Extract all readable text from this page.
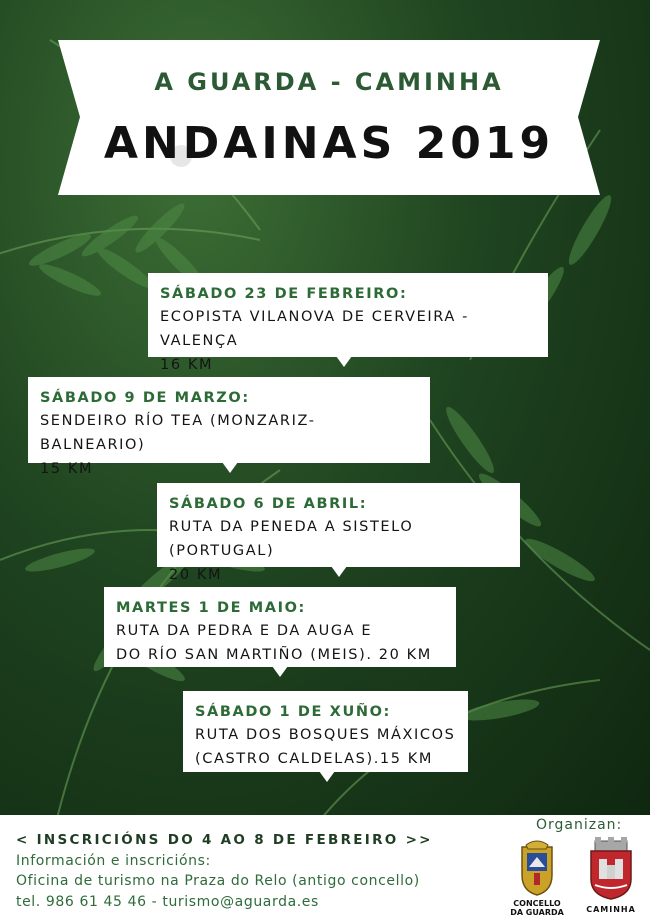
A GUARDA - CAMINHA
ANDAINAS 2019
SÁBADO 23 DE FEBREIRO:
ECOPISTA VILANOVA DE CERVEIRA - VALENÇA
16 KM
SÁBADO 9 DE MARZO:
SENDEIRO RÍO TEA (MONZARIZ-BALNEARIO)
15 KM
SÁBADO 6 DE ABRIL:
RUTA DA PENEDA A SISTELO (PORTUGAL)
20 KM
MARTES 1 DE MAIO:
RUTA DA PEDRA E DA AUGA E
DO RÍO SAN MARTIÑO (MEIS). 20 KM
SÁBADO 1 DE XUÑO:
RUTA DOS BOSQUES MÁXICOS
(CASTRO CALDELAS).15 KM
< INSCRICIÓNS DO 4 AO 8 DE FEBREIRO >>
Información e inscricións:
Oficina de turismo na Praza do Relo (antigo concello)
tel. 986 61 45 46 - turismo@aguarda.es
Organizan:
CONCELLO
DA GUARDA	CAMINHA
